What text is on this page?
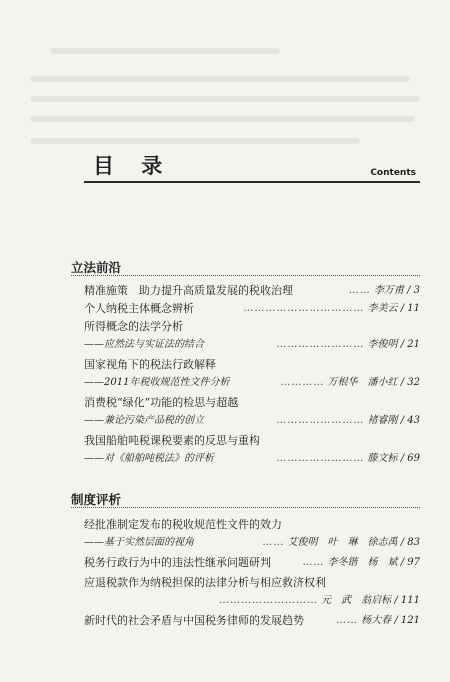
目 录	Contents
立法前沿
精准施策　助力提升高质量发展的税收治理	…… 李万甫 / 3
个人纳税主体概念辨析	…………………………… 李美云 / 11
所得概念的法学分析
——应然法与实证法的结合	…………………… 李俊明 / 21
国家视角下的税法行政解释
——2011年税收规范性文件分析	………… 万根华　潘小红 / 32
消费税“绿化”功能的检思与超越
——兼论污染产品税的创立	…………………… 褚睿刚 / 43
我国船舶吨税课税要素的反思与重构
——对《船舶吨税法》的评析	…………………… 滕文标 / 69
制度评析
经批准制定发布的税收规范性文件的效力
——基于实然层面的视角	…… 艾俊明　叶　琳　徐志禹 / 83
税务行政行为中的违法性继承问题研判	…… 李冬锴　杨　斌 / 97
应退税款作为纳税担保的法律分析与相应救济权利
……………………… 元　武　翁启标 / 111
新时代的社会矛盾与中国税务律师的发展趋势	…… 杨大春 / 121
